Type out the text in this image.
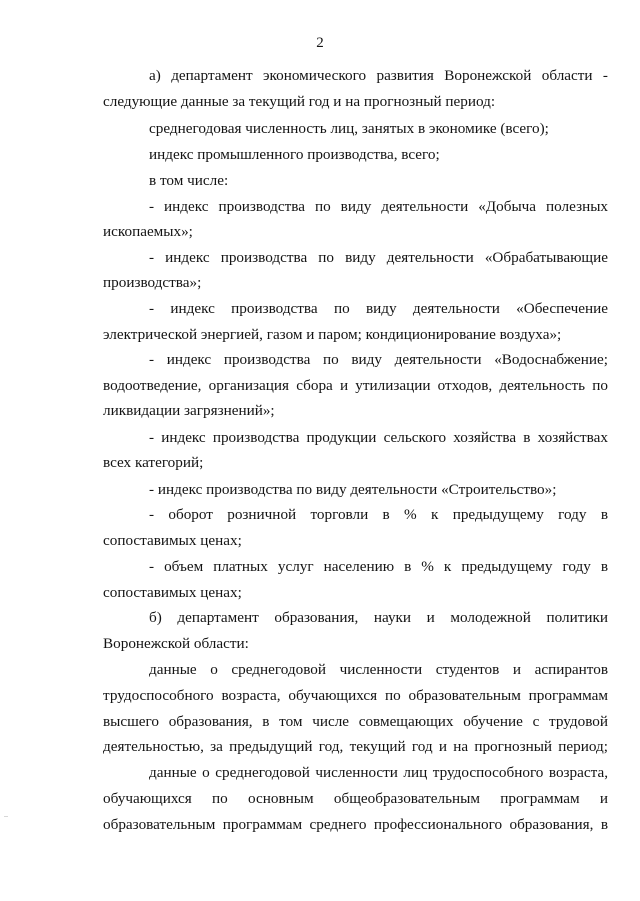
2
а) департамент экономического развития Воронежской области -
следующие данные за текущий год и на прогнозный период:
среднегодовая численность лиц, занятых в экономике (всего);
индекс промышленного производства, всего;
в том числе:
- индекс производства по виду деятельности «Добыча полезных
ископаемых»;
- индекс производства по виду деятельности «Обрабатывающие
производства»;
- индекс производства по виду деятельности «Обеспечение
электрической энергией, газом и паром; кондиционирование воздуха»;
- индекс производства по виду деятельности «Водоснабжение;
водоотведение, организация сбора и утилизации отходов, деятельность по
ликвидации загрязнений»;
- индекс производства продукции сельского хозяйства в хозяйствах
всех категорий;
- индекс производства по виду деятельности «Строительство»;
- оборот розничной торговли в % к предыдущему году в
сопоставимых ценах;
- объем платных услуг населению в % к предыдущему году в
сопоставимых ценах;
б) департамент образования, науки и молодежной политики
Воронежской области:
данные о среднегодовой численности студентов и аспирантов
трудоспособного возраста, обучающихся по образовательным программам
высшего образования, в том числе совмещающих обучение с трудовой
деятельностью, за предыдущий год, текущий год и на прогнозный период;
данные о среднегодовой численности лиц трудоспособного возраста,
обучающихся по основным общеобразовательным программам и
образовательным программам среднего профессионального образования, в
